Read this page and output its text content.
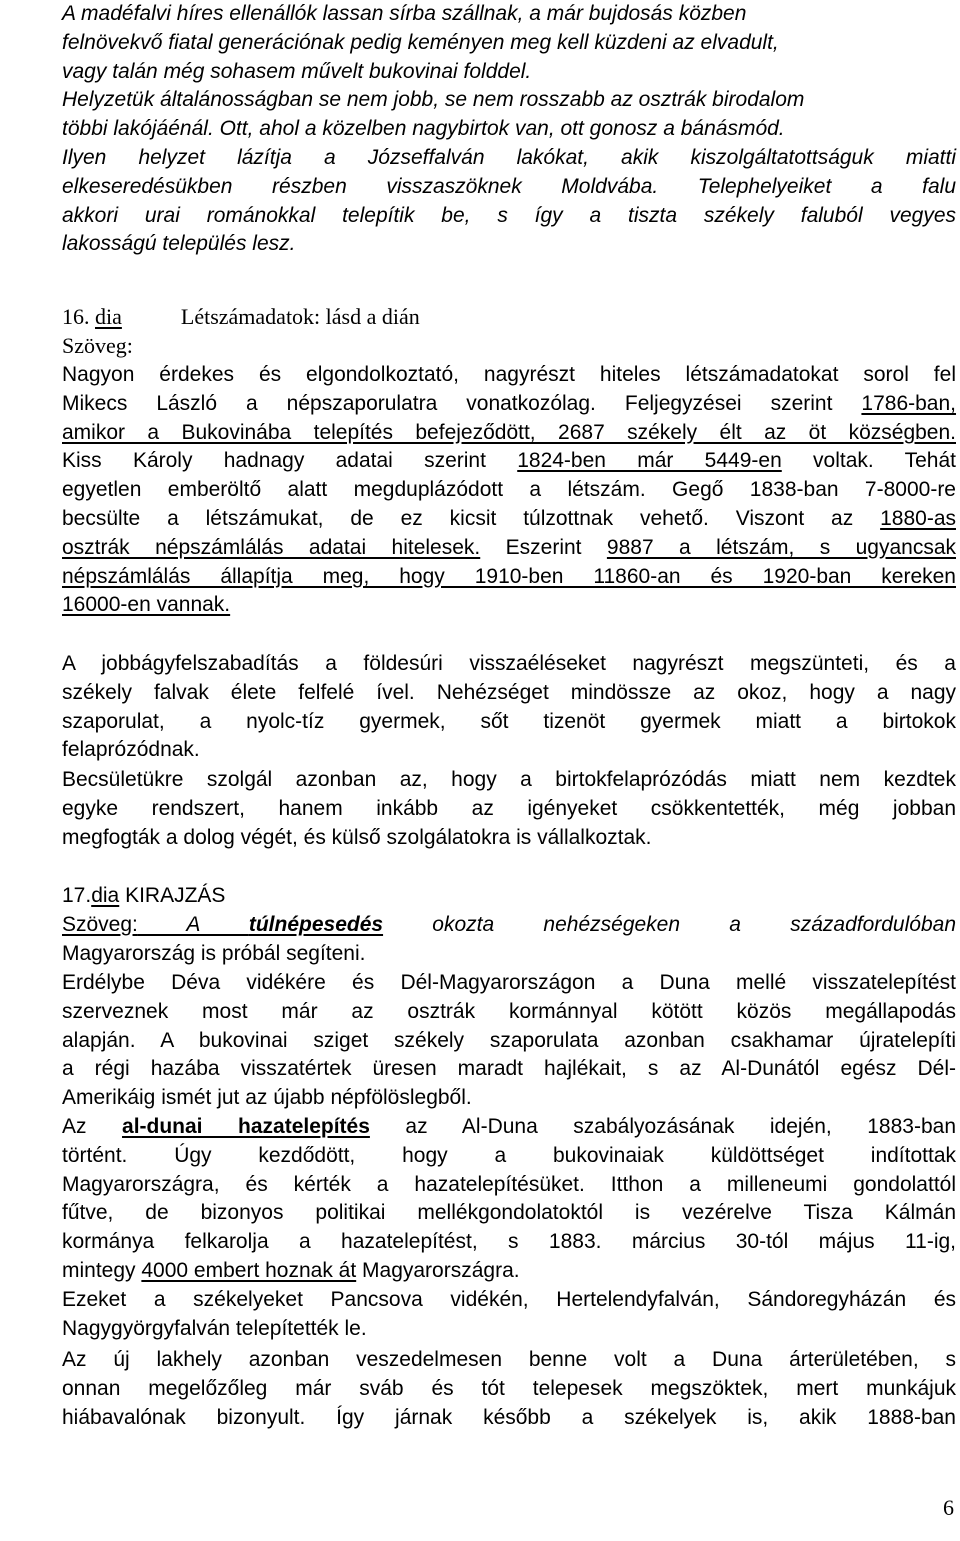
A madéfalvi híres ellenállók lassan sírba szállnak, a már bujdosás közben
felnövekvő fiatal generációnak pedig keményen meg kell küzdeni az elvadult,
vagy talán még sohasem művelt bukovinai folddel.
Helyzetük általánosságban se nem jobb, se nem rosszabb az osztrák birodalom
többi lakójáénál. Ott, ahol a közelben nagybirtok van, ott gonosz a bánásmód.
Ilyen helyzet lázítja a Józseffalván lakókat, akik kiszolgáltatottságuk miatti
elkeseredésükben részben visszaszöknek Moldvába. Telephelyeiket a falu
akkori urai románokkal telepítik be, s így a tiszta székely faluból vegyes
lakosságú település lesz.
16. dia	Létszámadatok: lásd a dián
Szöveg:
Nagyon érdekes és elgondolkoztató, nagyrészt hiteles létszámadatokat sorol fel
Mikecs László a népszaporulatra vonatkozólag. Feljegyzései szerint 1786-ban,
amikor a Bukovinába telepítés befejeződött, 2687 székely élt az öt községben.
Kiss Károly hadnagy adatai szerint 1824-ben már 5449-en voltak. Tehát
egyetlen emberöltő alatt megduplázódott a létszám. Gegő 1838-ban 7-8000-re
becsülte a létszámukat, de ez kicsit túlzottnak vehető. Viszont az 1880-as
osztrák népszámlálás adatai hitelesek. Eszerint 9887 a létszám, s ugyancsak
népszámlálás állapítja meg, hogy 1910-ben 11860-an és 1920-ban kereken
16000-en vannak.
A jobbágyfelszabadítás a földesúri visszaéléseket nagyrészt megszünteti, és a
székely falvak élete felfelé ível. Nehézséget mindössze az okoz, hogy a nagy
szaporulat, a nyolc-tíz gyermek, sőt tizenöt gyermek miatt a birtokok
felaprózódnak.
Becsületükre szolgál azonban az, hogy a birtokfelaprózódás miatt nem kezdtek
egyke rendszert, hanem inkább az igényeket csökkentették, még jobban
megfogták a dolog végét, és külső szolgálatokra is vállalkoztak.
17.dia KIRAJZÁS
Szöveg: A túlnépesedés okozta nehézségeken a századfordulóban
Magyarország is próbál segíteni.
Erdélybe Déva vidékére és Dél-Magyarországon a Duna mellé visszatelepítést
szerveznek most már az osztrák kormánnyal kötött közös megállapodás
alapján. A bukovinai sziget székely szaporulata azonban csakhamar újratelepíti
a régi hazába visszatértek üresen maradt hajlékait, s az Al-Dunától egész Dél-
Amerikáig ismét jut az újabb népfölöslegből.
Az al-dunai hazatelepítés az Al-Duna szabályozásának idején, 1883-ban
történt. Úgy kezdődött, hogy a bukovinaiak küldöttséget indítottak
Magyarországra, és kérték a hazatelepítésüket. Itthon a milleneumi gondolattól
fűtve, de bizonyos politikai mellékgondolatoktól is vezérelve Tisza Kálmán
kormánya felkarolja a hazatelepítést, s 1883. március 30-tól május 11-ig,
mintegy 4000 embert hoznak át Magyarországra.
Ezeket a székelyeket Pancsova vidékén, Hertelendyfalván, Sándoregyházán és
Nagygyörgyfalván telepítették le.
Az új lakhely azonban veszedelmesen benne volt a Duna árterületében, s
onnan megelőzőleg már sváb és tót telepesek megszöktek, mert munkájuk
hiábavalónak bizonyult. Így járnak később a székelyek is, akik 1888-ban
6
